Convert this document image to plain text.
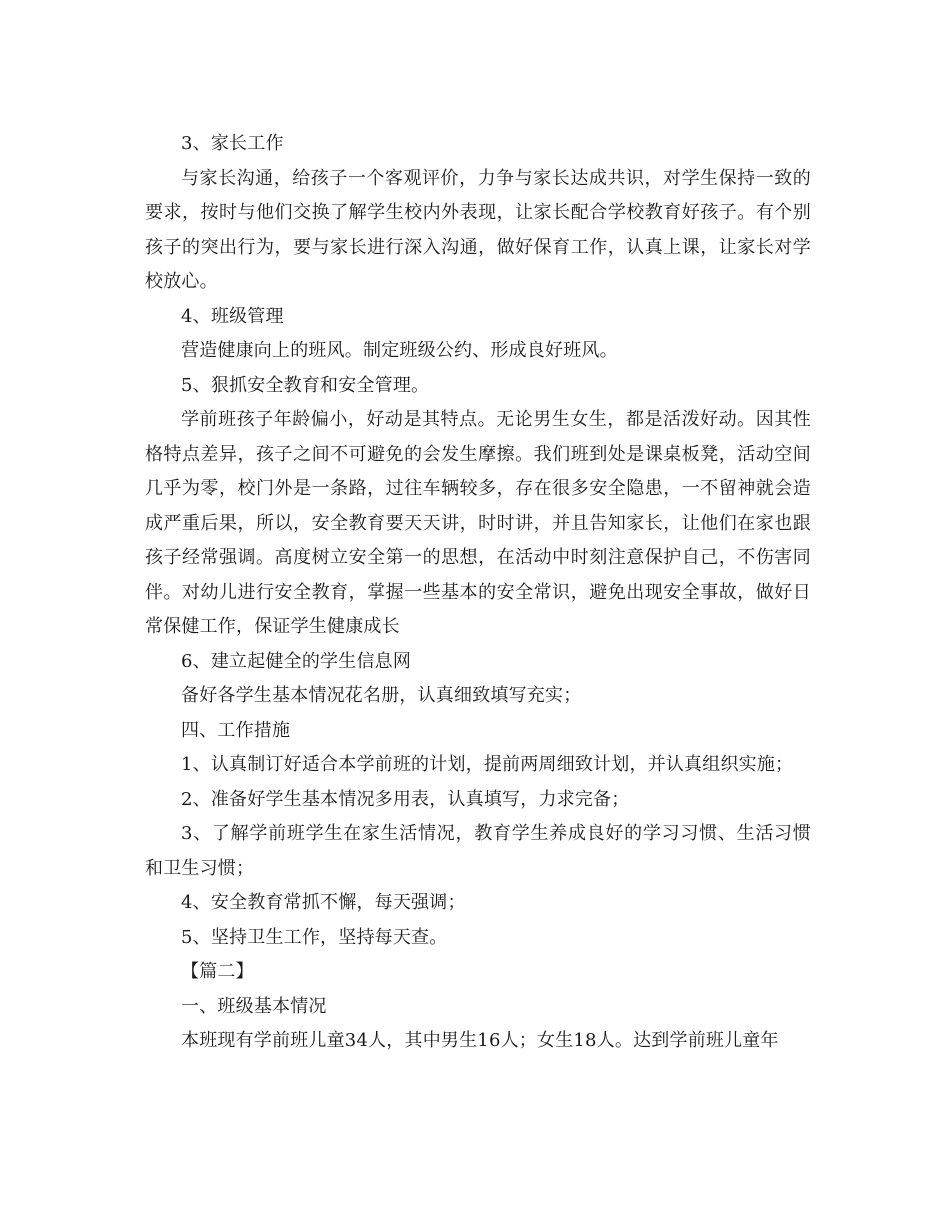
3、家长工作

与家长沟通，给孩子一个客观评价，力争与家长达成共识，对学生保持一致的要求，按时与他们交换了解学生校内外表现，让家长配合学校教育好孩子。有个别孩子的突出行为，要与家长进行深入沟通，做好保育工作，认真上课，让家长对学校放心。

4、班级管理

营造健康向上的班风。制定班级公约、形成良好班风。

5、狠抓安全教育和安全管理。

学前班孩子年龄偏小，好动是其特点。无论男生女生，都是活泼好动。因其性格特点差异，孩子之间不可避免的会发生摩擦。我们班到处是课桌板凳，活动空间几乎为零，校门外是一条路，过往车辆较多，存在很多安全隐患，一不留神就会造成严重后果，所以，安全教育要天天讲，时时讲，并且告知家长，让他们在家也跟孩子经常强调。高度树立安全第一的思想，在活动中时刻注意保护自己，不伤害同伴。对幼儿进行安全教育，掌握一些基本的安全常识，避免出现安全事故，做好日常保健工作，保证学生健康成长

6、建立起健全的学生信息网

备好各学生基本情况花名册，认真细致填写充实；

四、工作措施

1、认真制订好适合本学前班的计划，提前两周细致计划，并认真组织实施；

2、准备好学生基本情况多用表，认真填写，力求完备；

3、了解学前班学生在家生活情况，教育学生养成良好的学习习惯、生活习惯和卫生习惯；

4、安全教育常抓不懈，每天强调；

5、坚持卫生工作，坚持每天查。

【篇二】

一、班级基本情况

本班现有学前班儿童34人，其中男生16人；女生18人。达到学前班儿童年
